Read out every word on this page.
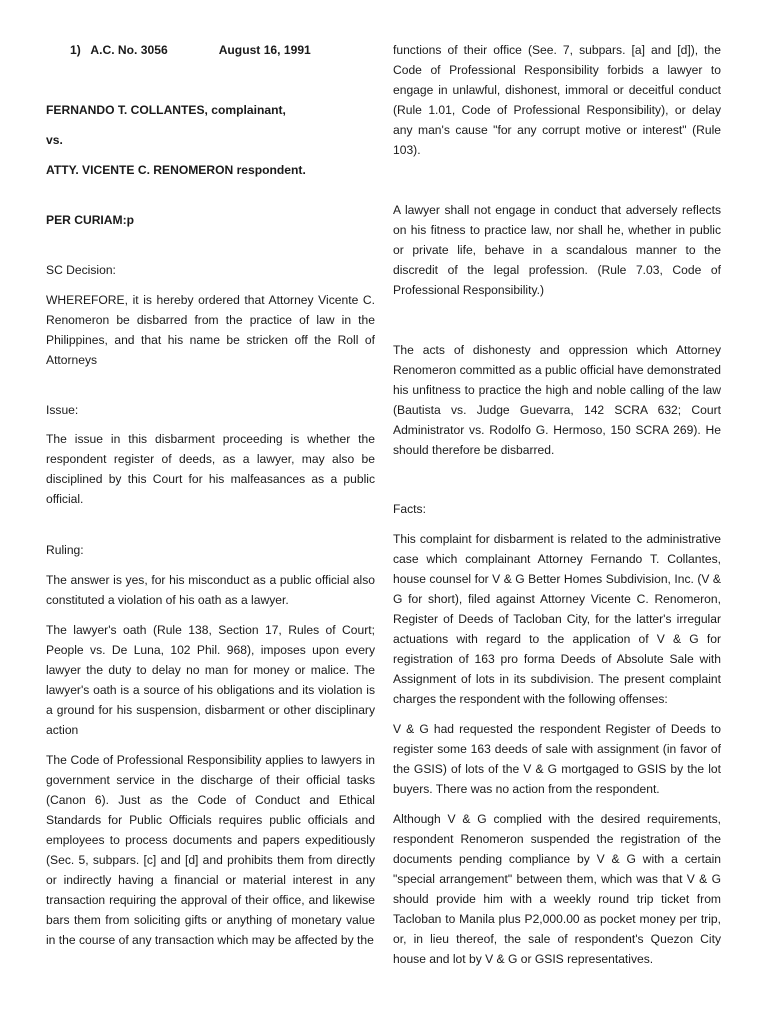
1)   A.C. No. 3056	August 16, 1991

FERNANDO T. COLLANTES, complainant,

vs.

ATTY. VICENTE C. RENOMERON respondent.

PER CURIAM:p

SC Decision:

WHEREFORE, it is hereby ordered that Attorney Vicente C. Renomeron be disbarred from the practice of law in the Philippines, and that his name be stricken off the Roll of Attorneys

Issue:

The issue in this disbarment proceeding is whether the respondent register of deeds, as a lawyer, may also be disciplined by this Court for his malfeasances as a public official.

Ruling:

The answer is yes, for his misconduct as a public official also constituted a violation of his oath as a lawyer.

The lawyer's oath (Rule 138, Section 17, Rules of Court; People vs. De Luna, 102 Phil. 968), imposes upon every lawyer the duty to delay no man for money or malice. The lawyer's oath is a source of his obligations and its violation is a ground for his suspension, disbarment or other disciplinary action

The Code of Professional Responsibility applies to lawyers in government service in the discharge of their official tasks (Canon 6). Just as the Code of Conduct and Ethical Standards for Public Officials requires public officials and employees to process documents and papers expeditiously (Sec. 5, subpars. [c] and [d] and prohibits them from directly or indirectly having a financial or material interest in any transaction requiring the approval of their office, and likewise bars them from soliciting gifts or anything of monetary value in the course of any transaction which may be affected by the

functions of their office (See. 7, subpars. [a] and [d]), the Code of Professional Responsibility forbids a lawyer to engage in unlawful, dishonest, immoral or deceitful conduct (Rule 1.01, Code of Professional Responsibility), or delay any man's cause "for any corrupt motive or interest" (Rule 103).

A lawyer shall not engage in conduct that adversely reflects on his fitness to practice law, nor shall he, whether in public or private life, behave in a scandalous manner to the discredit of the legal profession. (Rule 7.03, Code of Professional Responsibility.)

The acts of dishonesty and oppression which Attorney Renomeron committed as a public official have demonstrated his unfitness to practice the high and noble calling of the law (Bautista vs. Judge Guevarra, 142 SCRA 632; Court Administrator vs. Rodolfo G. Hermoso, 150 SCRA 269). He should therefore be disbarred.

Facts:

This complaint for disbarment is related to the administrative case which complainant Attorney Fernando T. Collantes, house counsel for V & G Better Homes Subdivision, Inc. (V & G for short), filed against Attorney Vicente C. Renomeron, Register of Deeds of Tacloban City, for the latter's irregular actuations with regard to the application of V & G for registration of 163 pro forma Deeds of Absolute Sale with Assignment of lots in its subdivision. The present complaint charges the respondent with the following offenses:

V & G had requested the respondent Register of Deeds to register some 163 deeds of sale with assignment (in favor of the GSIS) of lots of the V & G mortgaged to GSIS by the lot buyers. There was no action from the respondent.

Although V & G complied with the desired requirements, respondent Renomeron suspended the registration of the documents pending compliance by V & G with a certain "special arrangement" between them, which was that V & G should provide him with a weekly round trip ticket from Tacloban to Manila plus P2,000.00 as pocket money per trip, or, in lieu thereof, the sale of respondent's Quezon City house and lot by V & G or GSIS representatives.
